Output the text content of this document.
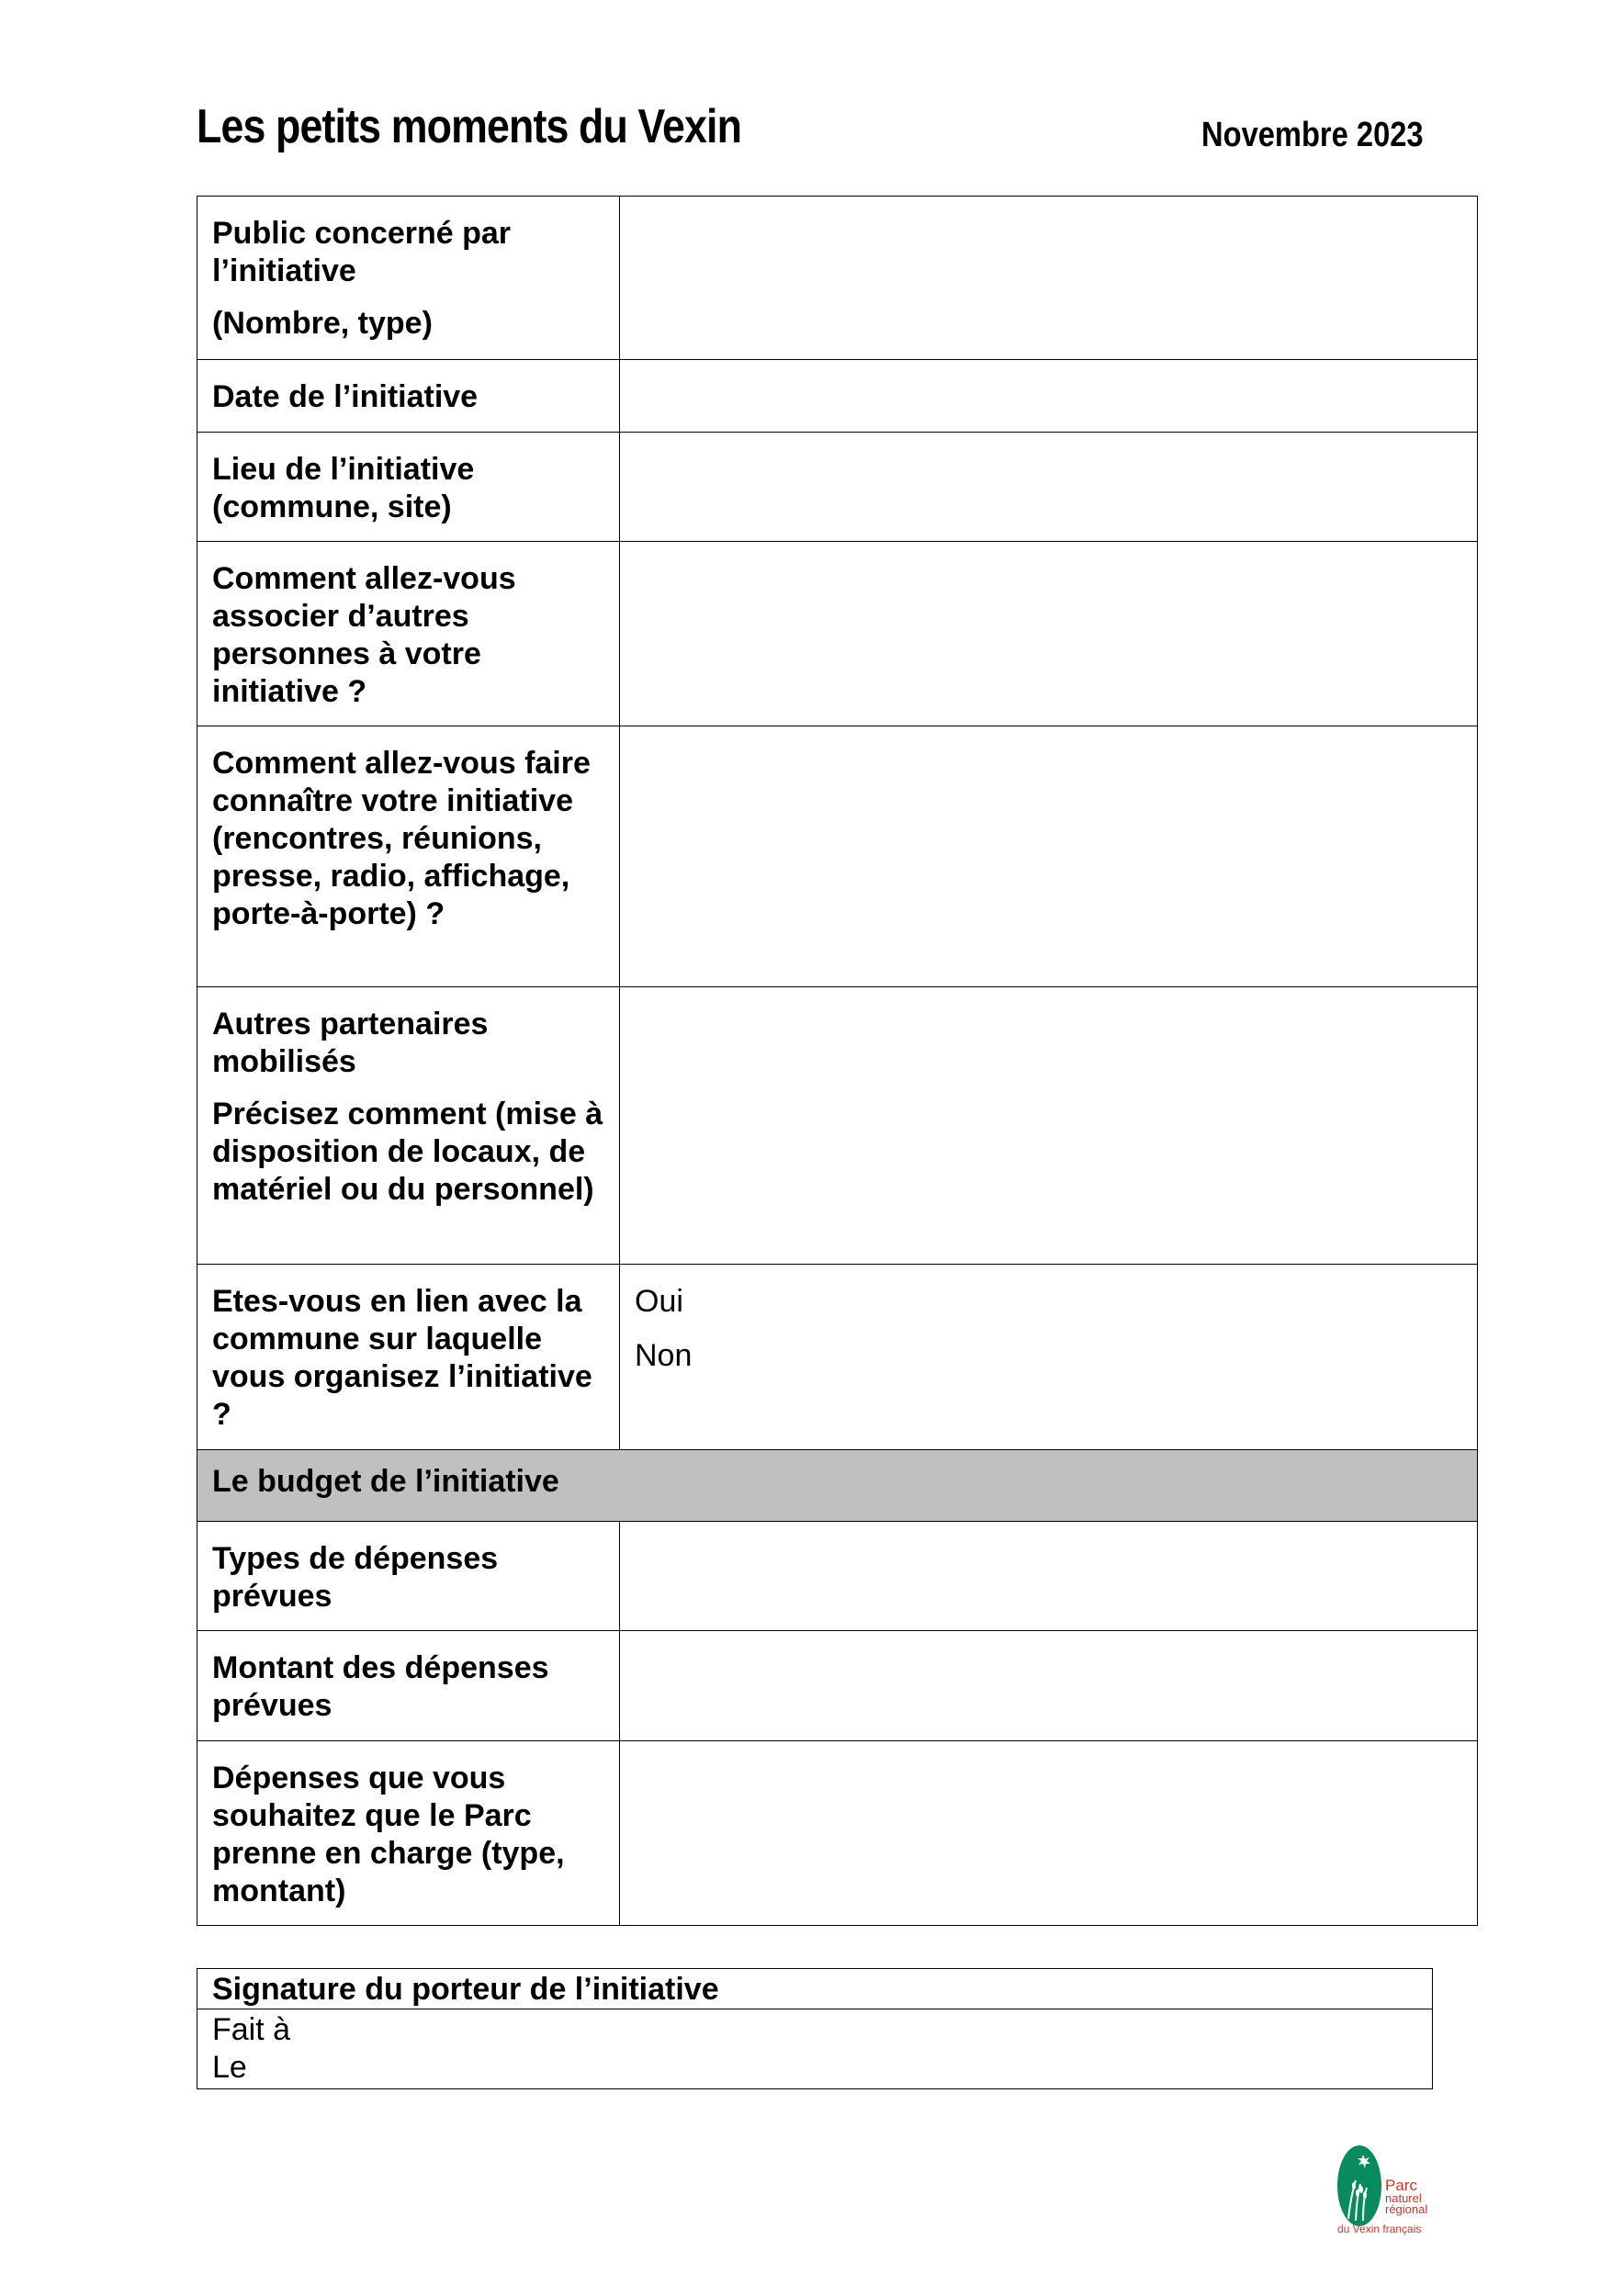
Les petits moments du Vexin	Novembre 2023
Public concerné par l’initiative
(Nombre, type)	

Date de l’initiative	
Lieu de l’initiative (commune, site)	
Comment allez-vous associer d’autres personnes à votre initiative ?	
Comment allez-vous faire connaître votre initiative (rencontres, réunions, presse, radio, affichage, porte-à-porte) ?	
Autres partenaires mobilisés
Précisez comment (mise à disposition de locaux, de matériel ou du personnel)	

Etes-vous en lien avec la commune sur laquelle vous organisez l’initiative ?	Oui
Non

Le budget de l’initiative	
Types de dépenses prévues	
Montant des dépenses prévues	
Dépenses que vous souhaitez que le Parc prenne en charge (type, montant)	
Signature du porteur de l’initiative

Fait à
Le
Parc
naturel
régional
du Vexin français
